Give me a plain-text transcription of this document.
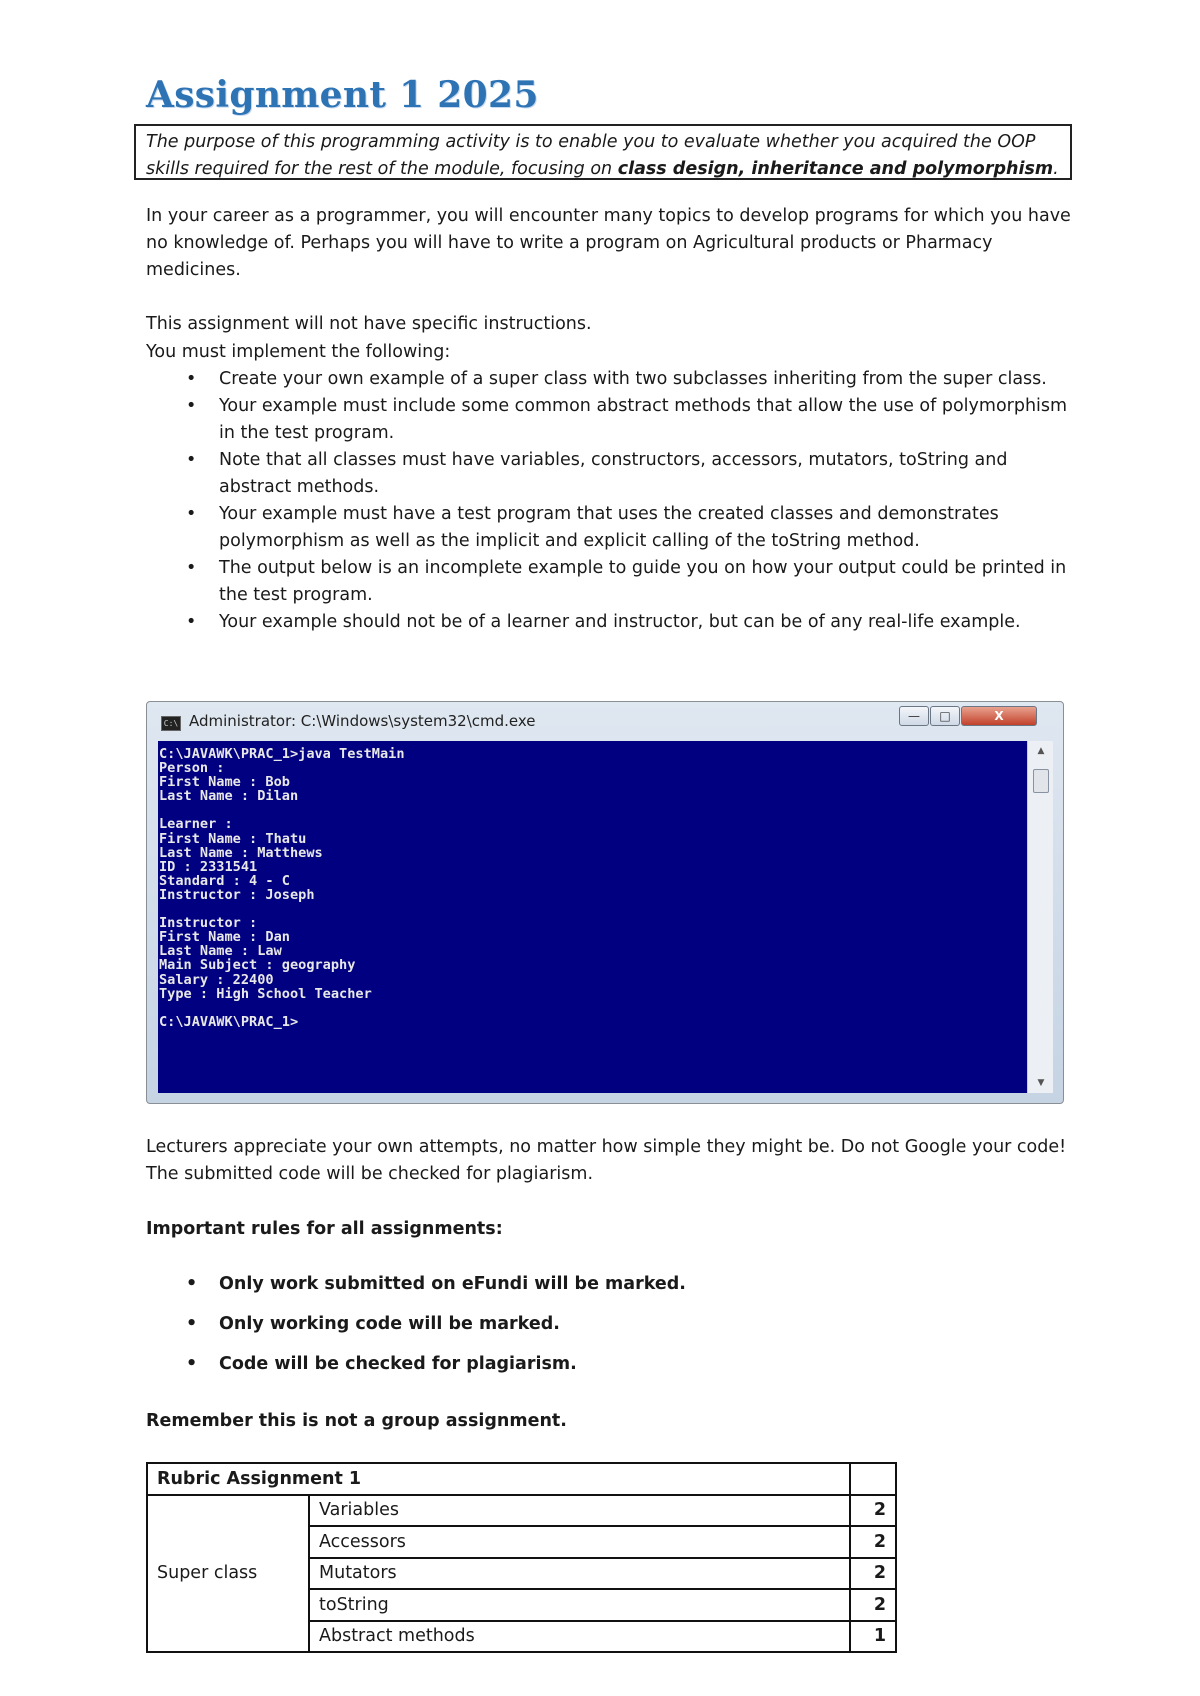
Assignment 1 2025
The purpose of this programming activity is to enable you to evaluate whether you acquired the OOP skills required for the rest of the module, focusing on class design, inheritance and polymorphism.

In your career as a programmer, you will encounter many topics to develop programs for which you have no knowledge of. Perhaps you will have to write a program on Agricultural products or Pharmacy medicines.

This assignment will not have specific instructions.

You must implement the following:

• Create your own example of a super class with two subclasses inheriting from the super class.
• Your example must include some common abstract methods that allow the use of polymorphism in the test program.
• Note that all classes must have variables, constructors, accessors, mutators, toString and abstract methods.
• Your example must have a test program that uses the created classes and demonstrates polymorphism as well as the implicit and explicit calling of the toString method.
• The output below is an incomplete example to guide you on how your output could be printed in the test program.
• Your example should not be of a learner and instructor, but can be of any real-life example.
C:\ Administrator: C:\Windows\system32\cmd.exe	—	□	X
C:\JAVAWK\PRAC_1>java TestMain
Person :
First Name : Bob
Last Name : Dilan

Learner :
First Name : Thatu
Last Name : Matthews
ID : 2331541
Standard : 4 - C
Instructor : Joseph

Instructor :
First Name : Dan
Last Name : Law
Main Subject : geography
Salary : 22400
Type : High School Teacher

C:\JAVAWK\PRAC_1>
▲
▼

Lecturers appreciate your own attempts, no matter how simple they might be. Do not Google your code! The submitted code will be checked for plagiarism.

Important rules for all assignments:

• Only work submitted on eFundi will be marked.
• Only working code will be marked.
• Code will be checked for plagiarism.

Remember this is not a group assignment.

Rubric Assignment 1		
Super class	Variables	2
	Accessors	2
	Mutators	2
	toString	2
	Abstract methods	1
